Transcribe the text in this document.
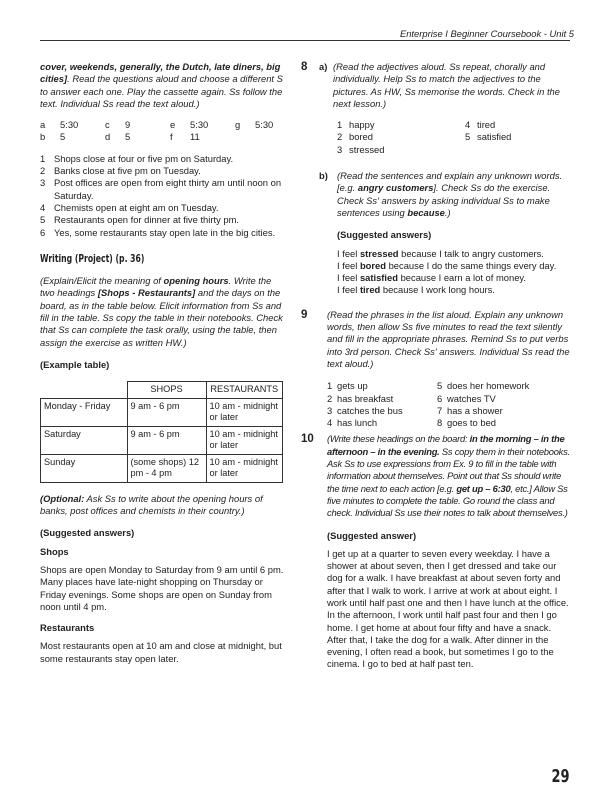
Enterprise I Beginner Coursebook - Unit 5

cover, weekends, generally, the Dutch, late diners, big cities]. Read the questions aloud and choose a different S to answer each one. Play the cassette again. Ss follow the text. Individual Ss read the text aloud.)

a	5:30	c	9	e	5:30	g	5:30
b	5	d	5	f	11
1 Shops close at four or five pm on Saturday.
2 Banks close at five pm on Tuesday.
3 Post offices are open from eight thirty am until noon on Saturday.
4 Chemists open at eight am on Tuesday.
5 Restaurants open for dinner at five thirty pm.
6 Yes, some restaurants stay open late in the big cities.
Writing (Project) (p. 36)

(Explain/Elicit the meaning of opening hours. Write the two headings [Shops - Restaurants] and the days on the board, as in the table below. Elicit information from Ss and fill in the table. Ss copy the table in their notebooks. Check that Ss can complete the task orally, using the table, then assign the exercise as written HW.)

(Example table)

	SHOPS	RESTAURANTS
Monday - Friday	9 am - 6 pm	10 am - midnight or later
Saturday	9 am - 6 pm	10 am - midnight or later
Sunday	(some shops) 12 pm - 4 pm	10 am - midnight or later

(Optional: Ask Ss to write about the opening hours of banks, post offices and chemists in their country.)

(Suggested answers)

Shops

Shops are open Monday to Saturday from 9 am until 6 pm. Many places have late-night shopping on Thursday or Friday evenings. Some shops are open on Sunday from noon until 4 pm.

Restaurants

Most restaurants open at 10 am and close at midnight, but some restaurants stay open later.

8	a) (Read the adjectives aloud. Ss repeat, chorally and individually. Help Ss to match the adjectives to the pictures. As HW, Ss memorise the words. Check in the next lesson.)

1 happy	4 tired
2 bored	5 satisfied
3 stressed
b) (Read the sentences and explain any unknown words. [e.g. angry customers]. Check Ss do the exercise. Check Ss' answers by asking individual Ss to make sentences using because.)

(Suggested answers)

I feel stressed because I talk to angry customers.

I feel bored because I do the same things every day.

I feel satisfied because I earn a lot of money.

I feel tired because I work long hours.

9	(Read the phrases in the list aloud. Explain any unknown words, then allow Ss five minutes to read the text silently and fill in the appropriate phrases. Remind Ss to put verbs into 3rd person. Check Ss' answers. Individual Ss read the text aloud.)

1 gets up	5 does her homework
2 has breakfast	6 watches TV
3 catches the bus	7 has a shower
4 has lunch	8 goes to bed
10	(Write these headings on the board: in the morning – in the afternoon – in the evening. Ss copy them in their notebooks. Ask Ss to use expressions from Ex. 9 to fill in the table with information about themselves. Point out that Ss should write the time next to each action [e.g. get up – 6:30, etc.] Allow Ss five minutes to complete the table. Go round the class and check. Individual Ss use their notes to talk about themselves.)

(Suggested answer)

I get up at a quarter to seven every weekday. I have a shower at about seven, then I get dressed and take our dog for a walk. I have breakfast at about seven forty and after that I walk to work. I arrive at work at about eight. I work until half past one and then I have lunch at the office. In the afternoon, I work until half past four and then I go home. I get home at about four fifty and have a snack. After that, I take the dog for a walk. After dinner in the evening, I often read a book, but sometimes I go to the cinema. I go to bed at half past ten.

29
